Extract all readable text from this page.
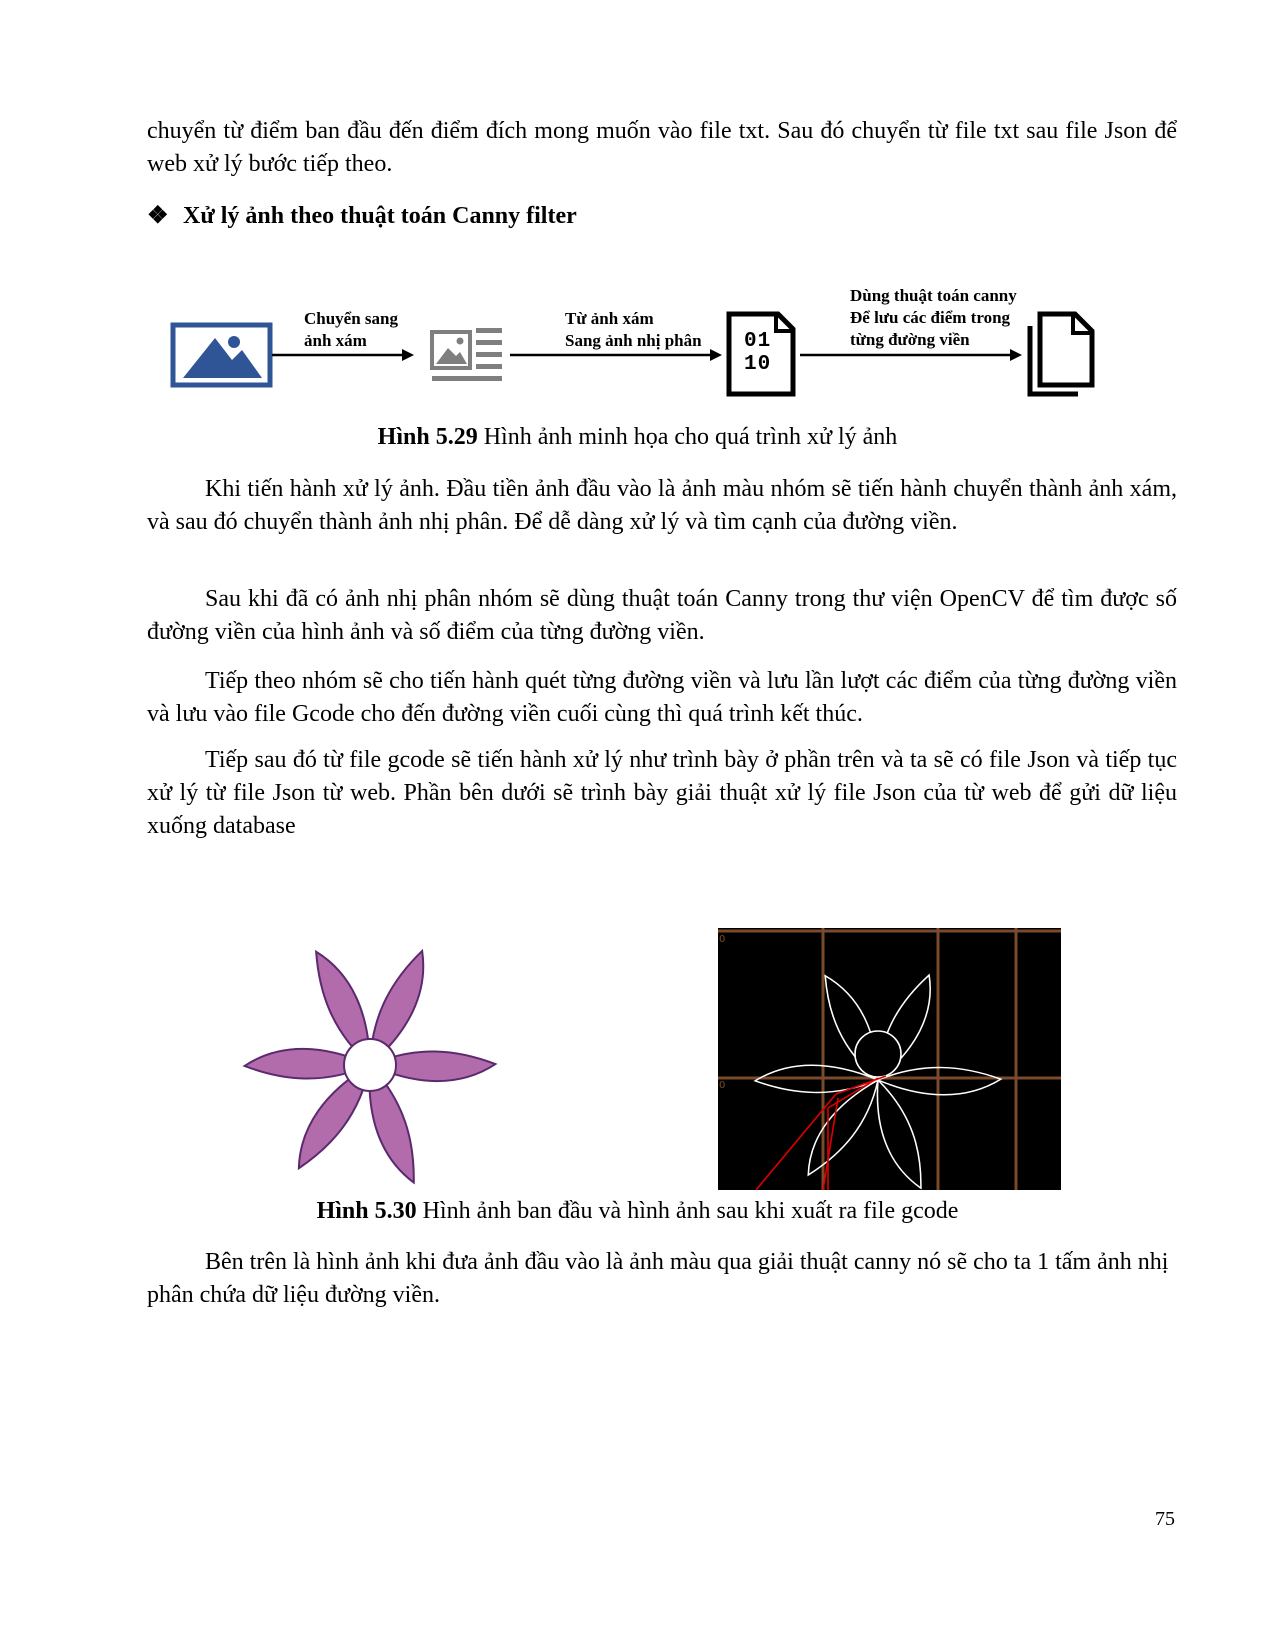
chuyển từ điểm ban đầu đến điểm đích mong muốn vào file txt. Sau đó chuyển từ file txt sau file Json để web xử lý bước tiếp theo.

❖ Xử lý ảnh theo thuật toán Canny filter
01
10
Chuyển sang
ảnh xám
Từ ảnh xám
Sang ảnh nhị phân
Dùng thuật toán canny
Để lưu các điểm trong
từng đường viền
Hình 5.29 Hình ảnh minh họa cho quá trình xử lý ảnh

Khi tiến hành xử lý ảnh. Đầu tiền ảnh đầu vào là ảnh màu nhóm sẽ tiến hành chuyển thành ảnh xám, và sau đó chuyển thành ảnh nhị phân. Để dễ dàng xử lý và tìm cạnh của đường viền.

Sau khi đã có ảnh nhị phân nhóm sẽ dùng thuật toán Canny trong thư viện OpenCV để tìm được số đường viền của hình ảnh và số điểm của từng đường viền.

Tiếp theo nhóm sẽ cho tiến hành quét từng đường viền và lưu lần lượt các điểm của từng đường viền và lưu vào file Gcode cho đến đường viền cuối cùng thì quá trình kết thúc.

Tiếp sau đó từ file gcode sẽ tiến hành xử lý như trình bày ở phần trên và ta sẽ có file Json và tiếp tục xử lý từ file Json từ web. Phần bên dưới sẽ trình bày giải thuật xử lý file Json của từ web để gửi dữ liệu xuống database

0
0
Hình 5.30 Hình ảnh ban đầu và hình ảnh sau khi xuất ra file gcode

Bên trên là hình ảnh khi đưa ảnh đầu vào là ảnh màu qua giải thuật canny nó sẽ cho ta 1 tấm ảnh nhị phân chứa dữ liệu đường viền.

75
